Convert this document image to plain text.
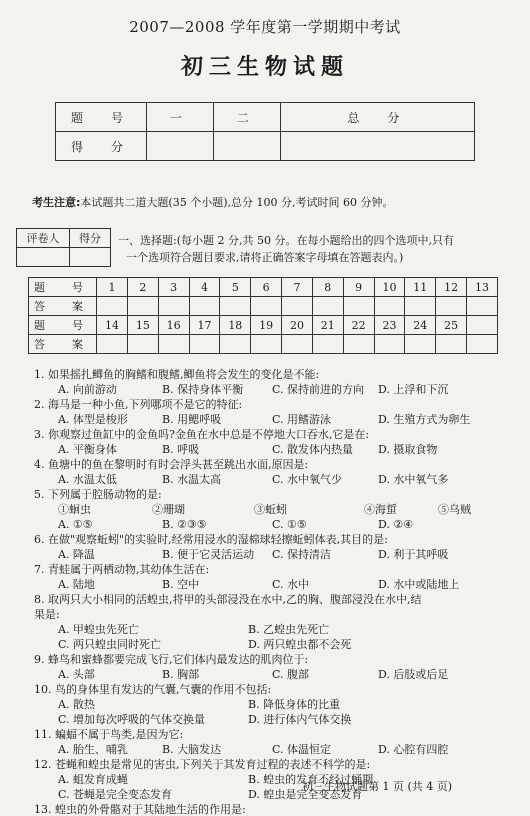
2007—2008 学年度第一学期期中考试
初三生物试题
题　号	一	二	总　分
得　分			
考生注意:本试题共二道大题(35 个小题),总分 100 分,考试时间 60 分钟。
评卷人	得分
	一、选择题:(每小题 2 分,共 50 分。在每小题给出的四个选项中,只有
一个选项符合题目要求,请将正确答案字母填在答题表内。)
题　号	1	2	3	4	5	6	7	8	9	10	11	12	13
答　案													
题　号	14	15	16	17	18	19	20	21	22	23	24	25	
答　案													
1. 如果摇扎鲫鱼的胸鳍和腹鳍,鲫鱼将会发生的变化是不能:
A. 向前游动	B. 保持身体平衡	C. 保持前进的方向 D. 上浮和下沉
2. 海马是一种小鱼,下列哪项不是它的特征:
A. 体型是梭形	B. 用鳃呼吸	C. 用鳍游泳	D. 生殖方式为卵生
3. 你观察过鱼缸中的金鱼吗?金鱼在水中总是不停地大口吞水,它是在:
A. 平衡身体	B. 呼吸	C. 散发体内热量 D. 摄取食物
4. 鱼塘中的鱼在黎明时有时会浮头甚至跳出水面,原因是:
A. 水温太低	B. 水温太高	C. 水中氧气少	D. 水中氧气多
5. 下列属于腔肠动物的是:
①蛔虫	②珊瑚	③蚯蚓	④海蜇	⑤乌贼
A. ①⑤	B. ②③⑤	C. ①⑤	D. ②④
6. 在做"观察蚯蚓"的实验时,经常用浸水的湿棉球轻擦蚯蚓体表,其目的是:
A. 降温	B. 便于它灵活运动 C. 保持清洁	D. 利于其呼吸
7. 青蛙属于两栖动物,其幼体生活在:
A. 陆地	B. 空中	C. 水中	D. 水中或陆地上
8. 取两只大小相同的活蝗虫,将甲的头部浸没在水中,乙的胸、腹部浸没在水中,结
果是:
A. 甲蝗虫先死亡	B. 乙蝗虫先死亡
C. 两只蝗虫同时死亡	D. 两只蝗虫都不会死
9. 蜂鸟和蜜蜂都要完成飞行,它们体内最发达的肌肉位于:
A. 头部	B. 胸部	C. 腹部	D. 后肢或后足
10. 鸟的身体里有发达的气囊,气囊的作用不包括:
A. 散热	B. 降低身体的比重
C. 增加每次呼吸的气体交换量	D. 进行体内气体交换
11. 蝙蝠不属于鸟类,是因为它:
A. 胎生、哺乳	B. 大脑发达	C. 体温恒定	D. 心腔有四腔
12. 苍蝇和蝗虫是常见的害虫,下列关于其发育过程的表述不科学的是:
A. 蛆发育成蝇	B. 蝗虫的发育不经过蛹期
C. 苍蝇是完全变态发育	D. 蝗虫是完全变态发育
13. 蝗虫的外骨骼对于其陆地生活的作用是:
初三生物试题第 1 页 (共 4 页)
